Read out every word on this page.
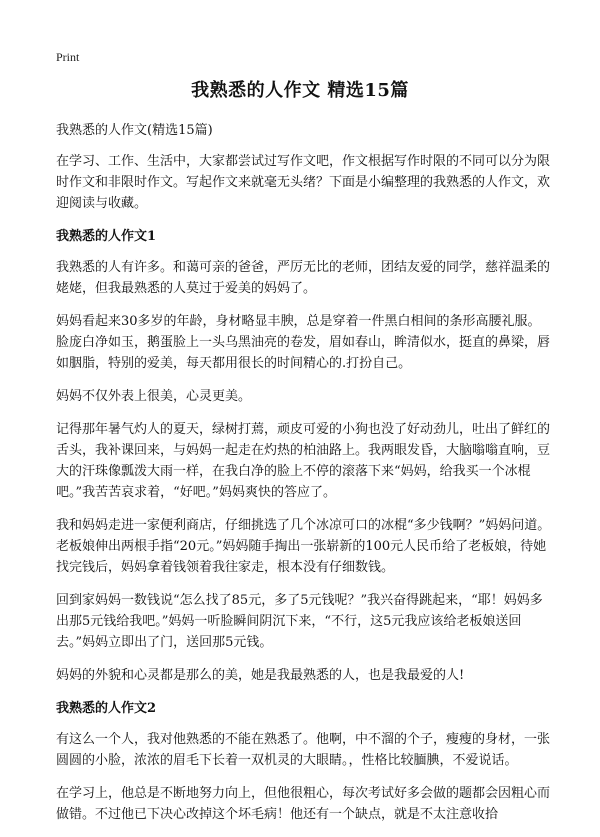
Print
我熟悉的人作文 精选15篇

我熟悉的人作文(精选15篇)

在学习、工作、生活中，大家都尝试过写作文吧，作文根据写作时限的不同可以分为限时作文和非限时作文。写起作文来就毫无头绪？下面是小编整理的我熟悉的人作文，欢迎阅读与收藏。

我熟悉的人作文1

我熟悉的人有许多。和蔼可亲的爸爸，严厉无比的老师，团结友爱的同学，慈祥温柔的姥姥，但我最熟悉的人莫过于爱美的妈妈了。

妈妈看起来30多岁的年龄，身材略显丰腴，总是穿着一件黑白相间的条形高腰礼服。脸庞白净如玉，鹅蛋脸上一头乌黑油亮的卷发，眉如春山，眸清似水，挺直的鼻梁，唇如胭脂，特别的爱美，每天都用很长的时间精心的.打扮自己。

妈妈不仅外表上很美，心灵更美。

记得那年暑气灼人的夏天，绿树打蔫，顽皮可爱的小狗也没了好动劲儿，吐出了鲜红的舌头，我补课回来，与妈妈一起走在灼热的柏油路上。我两眼发昏，大脑嗡嗡直响，豆大的汗珠像瓢泼大雨一样，在我白净的脸上不停的滚落下来“妈妈，给我买一个冰棍吧。”我苦苦哀求着，“好吧。”妈妈爽快的答应了。

我和妈妈走进一家便利商店，仔细挑选了几个冰凉可口的冰棍“多少钱啊？”妈妈问道。老板娘伸出两根手指“20元。”妈妈随手掏出一张崭新的100元人民币给了老板娘，待她找完钱后，妈妈拿着钱领着我往家走，根本没有仔细数钱。

回到家妈妈一数钱说“怎么找了85元，多了5元钱呢？”我兴奋得跳起来，“耶！妈妈多出那5元钱给我吧。”妈妈一听脸瞬间阴沉下来，“不行，这5元我应该给老板娘送回去。”妈妈立即出了门，送回那5元钱。

妈妈的外貌和心灵都是那么的美，她是我最熟悉的人，也是我最爱的人!

我熟悉的人作文2

有这么一个人，我对他熟悉的不能在熟悉了。他啊，中不溜的个子，瘦瘦的身材，一张圆圆的小脸，浓浓的眉毛下长着一双机灵的大眼睛。，性格比较腼腆，不爱说话。

在学习上，他总是不断地努力向上，但他很粗心，每次考试好多会做的题都会因粗心而做错。不过他已下决心改掉这个坏毛病！他还有一个缺点，就是不太注意收拾
